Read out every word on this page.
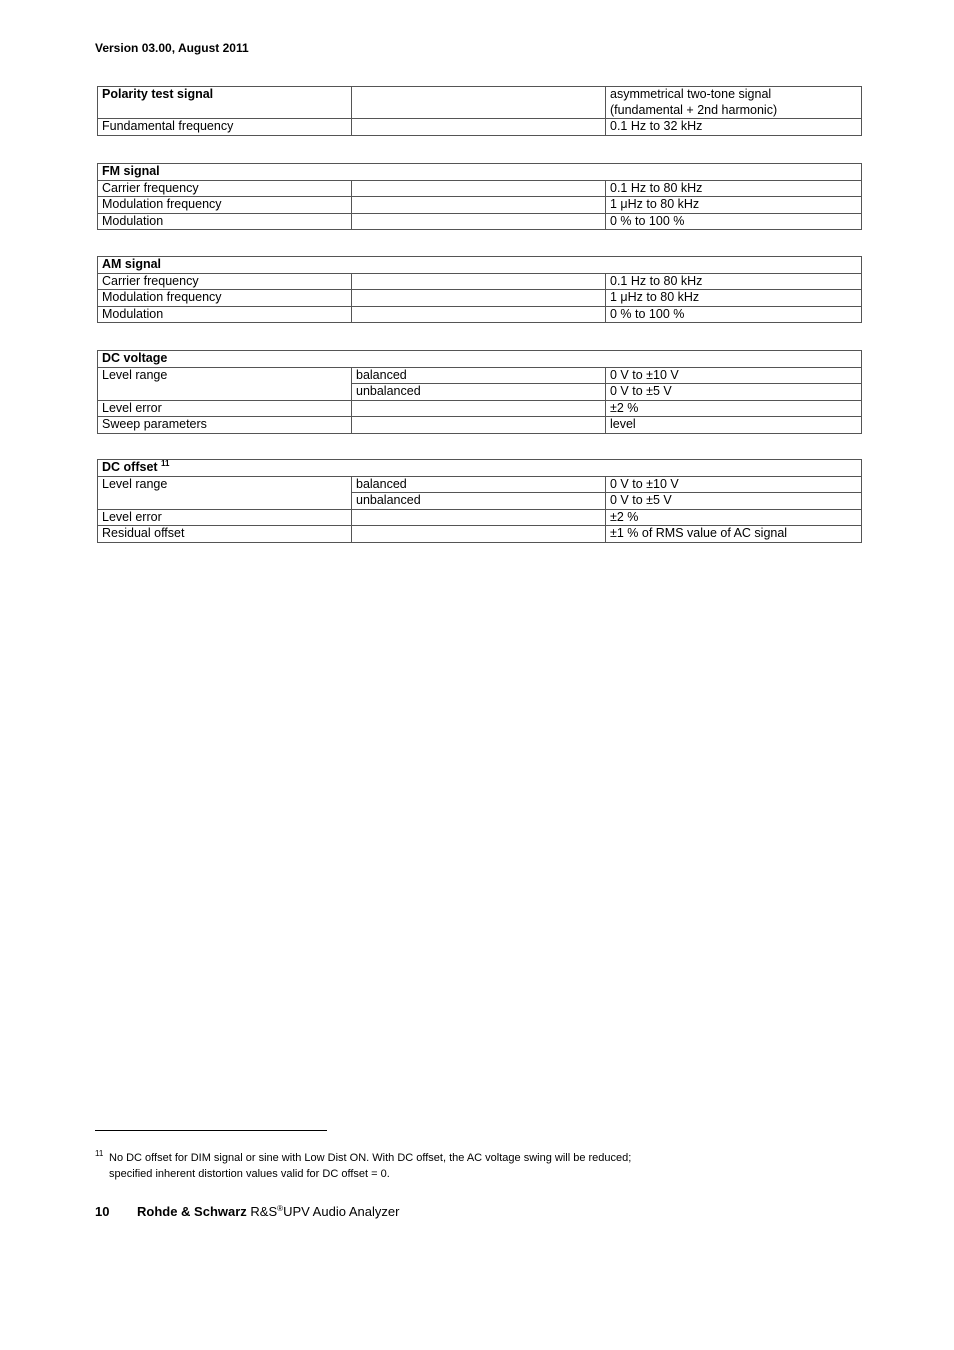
Version 03.00, August 2011
Polarity test signal		asymmetrical two-tone signal
(fundamental + 2nd harmonic)
Fundamental frequency		0.1 Hz to 32 kHz
FM signal		
Carrier frequency		0.1 Hz to 80 kHz
Modulation frequency		1 μHz to 80 kHz
Modulation		0 % to 100 %
AM signal		
Carrier frequency		0.1 Hz to 80 kHz
Modulation frequency		1 μHz to 80 kHz
Modulation		0 % to 100 %
DC voltage		
Level range	balanced	0 V to ±10 V
	unbalanced	0 V to ±5 V
Level error		±2 %
Sweep parameters		level
DC offset $^{11}$
Level range	balanced	0 V to ±10 V
	unbalanced	0 V to ±5 V
Level error		±2 %
Residual offset		±1 % of RMS value of AC signal
11 No DC offset for DIM signal or sine with Low Dist ON. With DC offset, the AC voltage swing will be reduced;
specified inherent distortion values valid for DC offset = 0.
10 Rohde & Schwarz R&S®UPV Audio Analyzer
